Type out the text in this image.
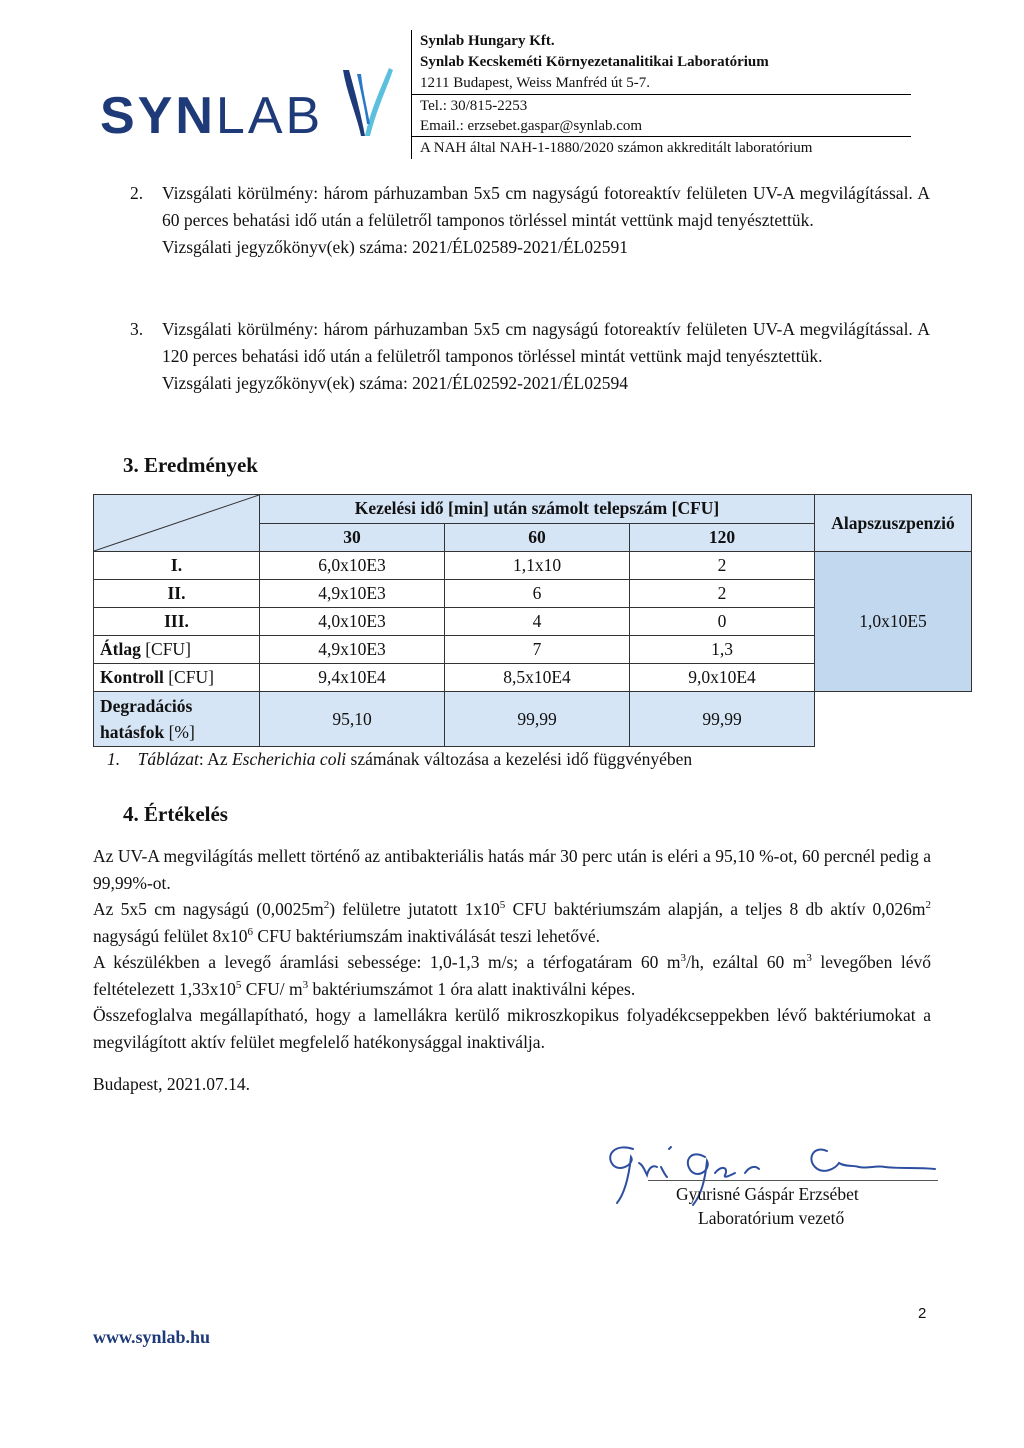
SYNLAB
Synlab Hungary Kft.
Synlab Kecskeméti Környezetanalitikai Laboratórium
1211 Budapest, Weiss Manfréd út 5-7.
Tel.: 30/815-2253
Email.: erzsebet.gaspar@synlab.com
A NAH által NAH-1-1880/2020 számon akkreditált laboratórium
2. Vizsgálati körülmény: három párhuzamban 5x5 cm nagyságú fotoreaktív felületen UV-A megvilágítással. A 60 perces behatási idő után a felületről tamponos törléssel mintát vettünk majd tenyésztettük.

Vizsgálati jegyzőkönyv(ek) száma: 2021/ÉL02589-2021/ÉL02591

3. Vizsgálati körülmény: három párhuzamban 5x5 cm nagyságú fotoreaktív felületen UV-A megvilágítással. A 120 perces behatási idő után a felületről tamponos törléssel mintát vettünk majd tenyésztettük.

Vizsgálati jegyzőkönyv(ek) száma: 2021/ÉL02592-2021/ÉL02594

3. Eredmények
	Kezelési idő [min] után számolt telepszám [CFU]			Alapszuszpenzió
	30	60	120	
I.	6,0x10E3	1,1x10	2	1,0x10E5
II.	4,9x10E3	6	2	
III.	4,0x10E3	4	0	
Átlag [CFU]	4,9x10E3	7	1,3	
Kontroll [CFU]	9,4x10E4	8,5x10E4	9,0x10E4	
Degradációs
hatásfok [%]	95,10	99,99	99,99	
1. Táblázat: Az Escherichia coli számának változása a kezelési idő függvényében
4. Értékelés

Az UV-A megvilágítás mellett történő az antibakteriális hatás már 30 perc után is eléri a 95,10 %-ot, 60 percnél pedig a 99,99%-ot.

Az 5x5 cm nagyságú $(0,0025m^2)$ felületre jutatott $1x10^5$ CFU baktériumszám alapján, a teljes 8 db aktív $0,026m^2$ nagyságú felület $8x10^6$ CFU baktériumszám inaktiválását teszi lehetővé.

A készülékben a levegő áramlási sebessége: 1,0-1,3 m/s; a térfogatáram 60 $m^3/h$, ezáltal 60 $m^3$ levegőben lévő feltételezett $1,33x10^5$ CFU/ $m^3$ baktériumszámot 1 óra alatt inaktiválni képes.

Összefoglalva megállapítható, hogy a lamellákra kerülő mikroszkopikus folyadékcseppekben lévő baktériumokat a megvilágított aktív felület megfelelő hatékonysággal inaktiválja.

Budapest, 2021.07.14.
Gyurisné Gáspár Erzsébet
Laboratórium vezető
2
www.synlab.hu
